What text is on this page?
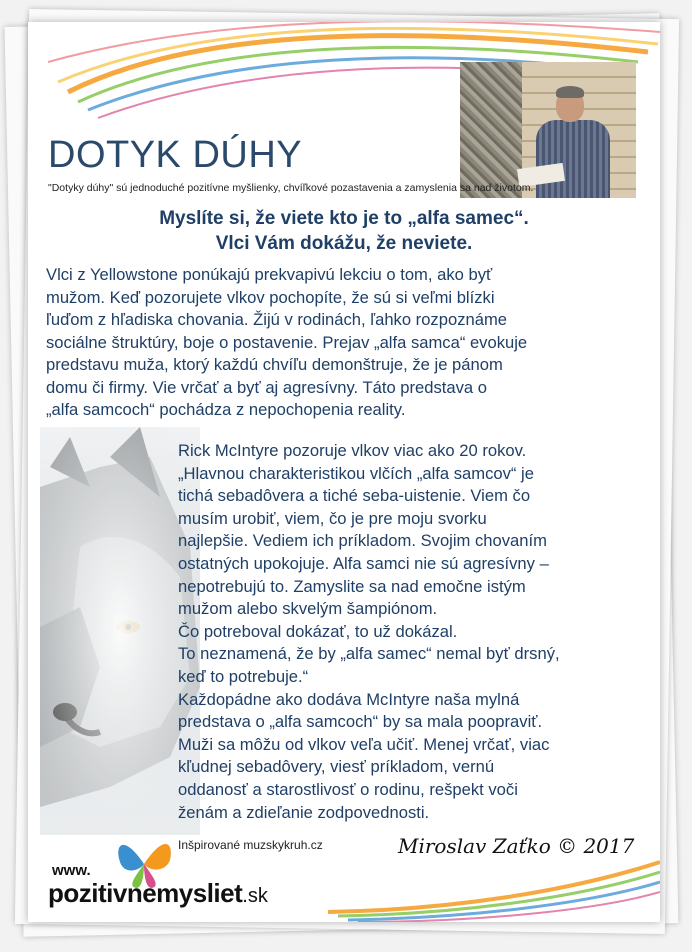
DOTYK DÚHY
"Dotyky dúhy" sú jednoduché pozitívne myšlienky, chvíľkové pozastavenia a zamyslenia sa nad životom.
Myslíte si, že viete kto je to „alfa samec“.
Vlci Vám dokážu, že neviete.
Vlci z Yellowstone ponúkajú prekvapivú lekciu o tom, ako byť
mužom. Keď pozorujete vlkov pochopíte, že sú si veľmi blízki
ľuďom z hľadiska chovania. Žijú v rodinách, ľahko rozpoznáme
sociálne štruktúry, boje o postavenie. Prejav „alfa samca“ evokuje
predstavu muža, ktorý každú chvíľu demonštruje, že je pánom
domu či firmy. Vie vrčať a byť aj agresívny. Táto predstava o
„alfa samcoch“ pochádza z nepochopenia reality.
Rick McIntyre pozoruje vlkov viac ako 20 rokov.
„Hlavnou charakteristikou vlčích „alfa samcov“ je
tichá sebadôvera a tiché seba-uistenie. Viem čo
musím urobiť, viem, čo je pre moju svorku
najlepšie. Vediem ich príkladom. Svojim chovaním
ostatných upokojuje. Alfa samci nie sú agresívny –
nepotrebujú to. Zamyslite sa nad emočne istým
mužom alebo skvelým šampiónom.
Čo potreboval dokázať, to už dokázal.
To neznamená, že by „alfa samec“ nemal byť drsný,
keď to potrebuje.“
Každopádne ako dodáva McIntyre naša mylná
predstava o „alfa samcoch“ by sa mala poopraviť.
Muži sa môžu od vlkov veľa učiť. Menej vrčať, viac
kľudnej sebadôvery, viesť príkladom, vernú
oddanosť a starostlivosť o rodinu, rešpekt voči
ženám a zdieľanie zodpovednosti.
Inšpirované muzskykruh.cz	Miroslav Zaťko © 2017
www.
pozitivnemysliet.sk
